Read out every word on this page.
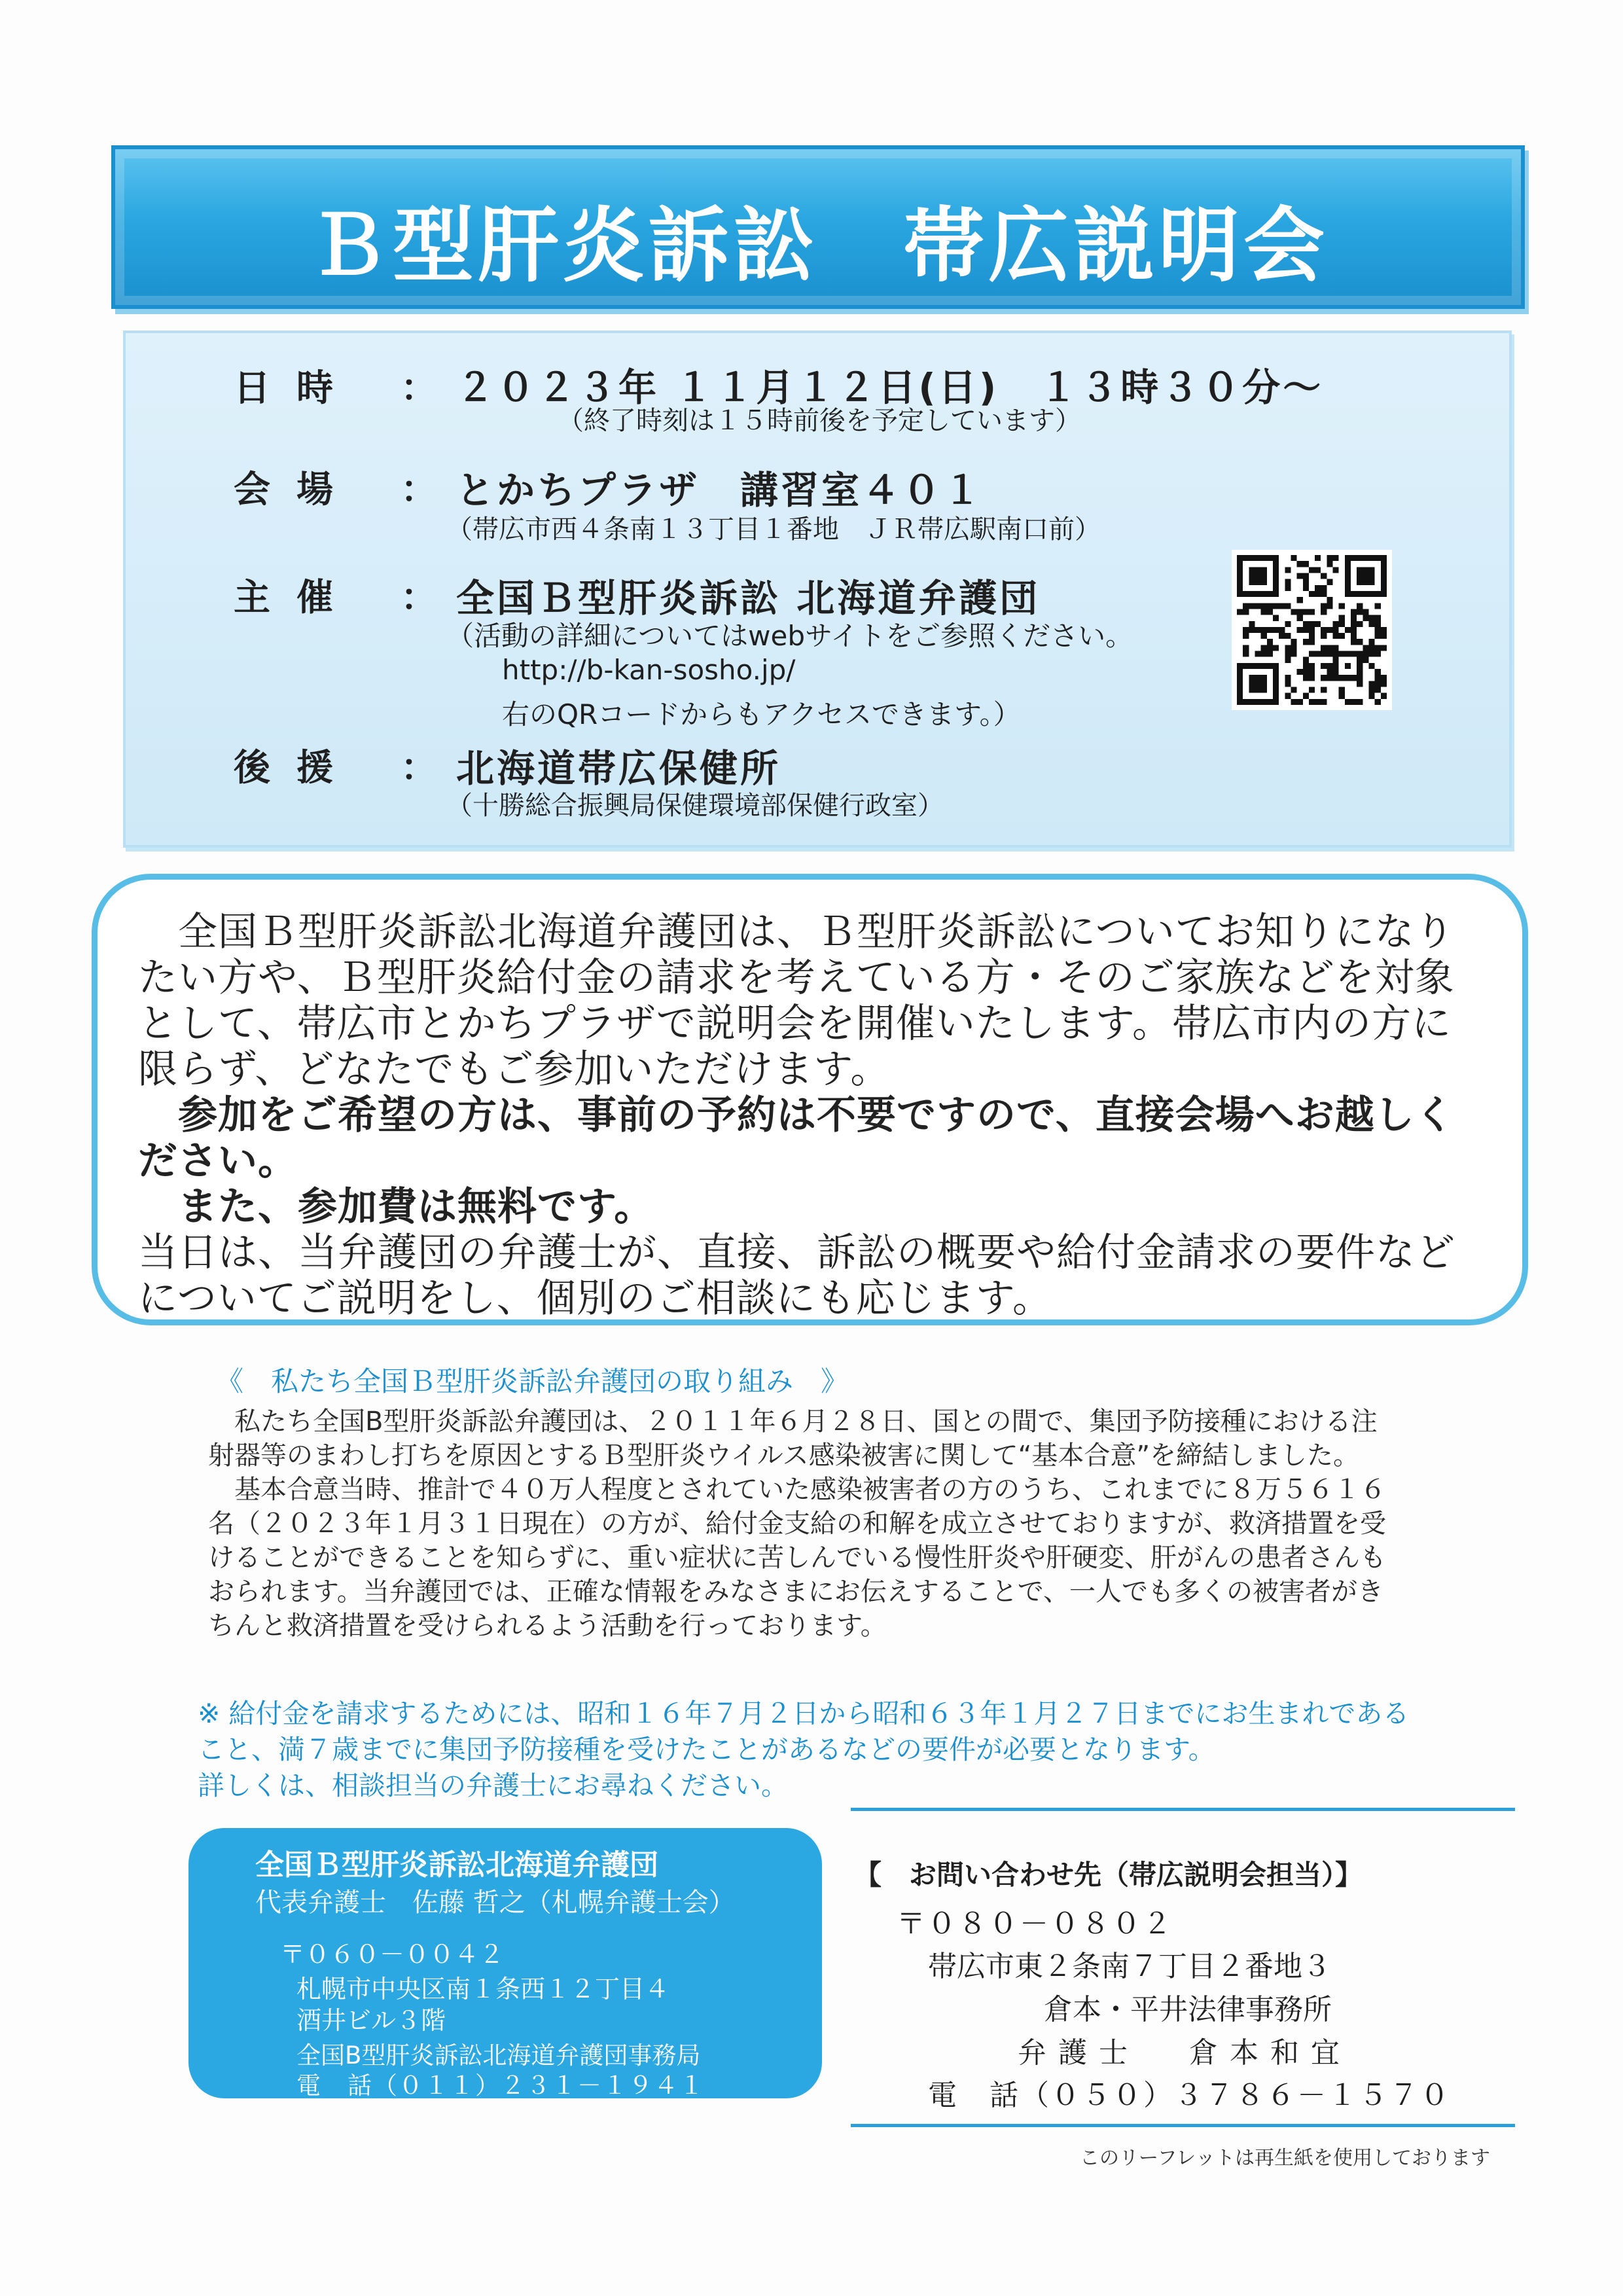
Ｂ型肝炎訴訟　帯広説明会
日時 ： ２０２３年 １１月１２日(日)　１３時３０分～
（終了時刻は１５時前後を予定しています）
会場 ： とかちプラザ　講習室４０１
（帯広市西４条南１３丁目１番地　ＪＲ帯広駅南口前）
主催 ： 全国Ｂ型肝炎訴訟 北海道弁護団
（活動の詳細についてはwebサイトをご参照ください。
http://b-kan-sosho.jp/
右のQRコードからもアクセスできます。）
後援 ： 北海道帯広保健所
（十勝総合振興局保健環境部保健行政室）
　全国Ｂ型肝炎訴訟北海道弁護団は、Ｂ型肝炎訴訟についてお知りになり
たい方や、Ｂ型肝炎給付金の請求を考えている方・そのご家族などを対象
として、帯広市とかちプラザで説明会を開催いたします。帯広市内の方に
限らず、どなたでもご参加いただけます。
　参加をご希望の方は、事前の予約は不要ですので、直接会場へお越しく
ださい。
　また、参加費は無料です。
当日は、当弁護団の弁護士が、直接、訴訟の概要や給付金請求の要件など
についてご説明をし、個別のご相談にも応じます。
《　私たち全国Ｂ型肝炎訴訟弁護団の取り組み　》
　私たち全国B型肝炎訴訟弁護団は、２０１１年６月２８日、国との間で、集団予防接種における注
射器等のまわし打ちを原因とするＢ型肝炎ウイルス感染被害に関して“基本合意”を締結しました。
　基本合意当時、推計で４０万人程度とされていた感染被害者の方のうち、これまでに８万５６１６
名（２０２３年１月３１日現在）の方が、給付金支給の和解を成立させておりますが、救済措置を受
けることができることを知らずに、重い症状に苦しんでいる慢性肝炎や肝硬変、肝がんの患者さんも
おられます。当弁護団では、正確な情報をみなさまにお伝えすることで、一人でも多くの被害者がき
ちんと救済措置を受けられるよう活動を行っております。
※ 給付金を請求するためには、昭和１６年７月２日から昭和６３年１月２７日までにお生まれである
こと、満７歳までに集団予防接種を受けたことがあるなどの要件が必要となります。
詳しくは、相談担当の弁護士にお尋ねください。
全国Ｂ型肝炎訴訟北海道弁護団
代表弁護士　佐藤 哲之（札幌弁護士会）
〒０６０－００４２
札幌市中央区南１条西１２丁目４
酒井ビル３階
全国B型肝炎訴訟北海道弁護団事務局
電　話（０１１）２３１－１９４１
【　お問い合わせ先（帯広説明会担当）】
〒０８０－０８０２
帯広市東２条南７丁目２番地３
倉本・平井法律事務所
弁 護 士　　倉 本 和 宜
電　話（０５０）３７８６－１５７０
このリーフレットは再生紙を使用しております
